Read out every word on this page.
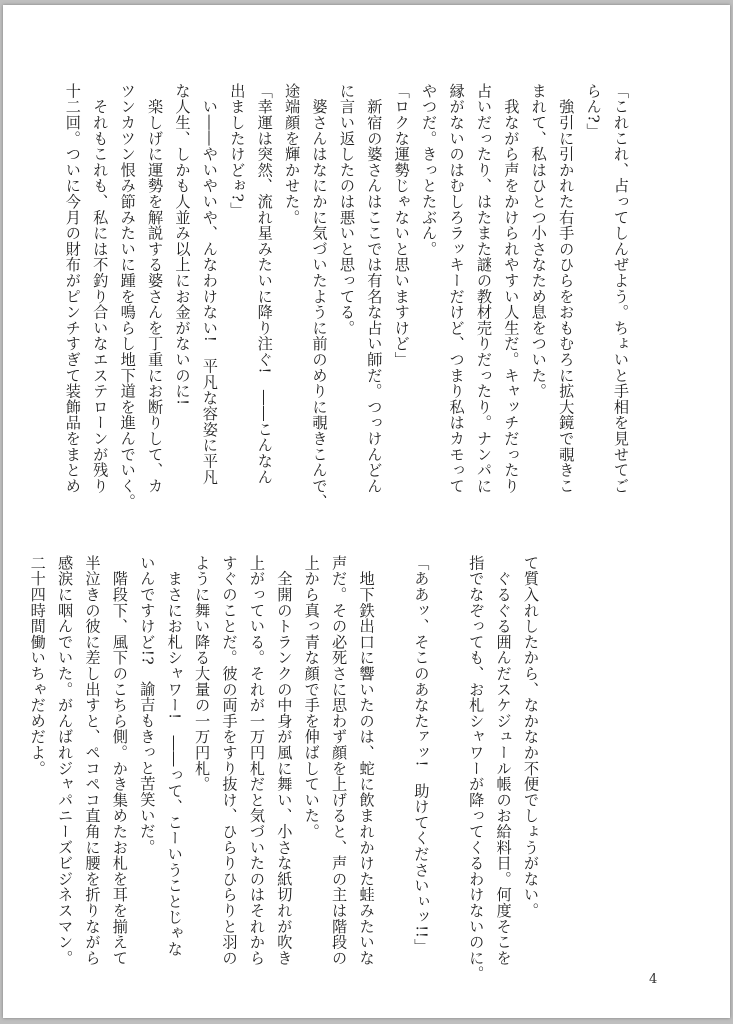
「これこれ、占ってしんぜよう。ちょいと手相を見せてご

らん?」

　強引に引かれた右手のひらをおもむろに拡大鏡で覗きこ

まれて、私はひとつ小さなため息をついた。

　我ながら声をかけられやすい人生だ。キャッチだったり

占いだったり、はたまた謎の教材売りだったり。ナンパに

縁がないのはむしろラッキーだけど、つまり私はカモって

やつだ。きっとたぶん。

「ロクな運勢じゃないと思いますけど」

　新宿の婆さんはここでは有名な占い師だ。つっけんどん

に言い返したのは悪いと思ってる。

　婆さんはなにかに気づいたように前のめりに覗きこんで、

途端顔を輝かせた。

「幸運は突然、流れ星みたいに降り注ぐ!　――こんなん

出ましたけどぉ?」

　い――やいやいや、んなわけない!　平凡な容姿に平凡

な人生、しかも人並み以上にお金がないのに!

　楽しげに運勢を解説する婆さんを丁重にお断りして、カ

ツンカツン恨み節みたいに踵を鳴らし地下道を進んでいく。

　それもこれも、私には不釣り合いなエステローンが残り

十二回。ついに今月の財布がピンチすぎて装飾品をまとめ

て質入れしたから、なかなか不便でしょうがない。

　ぐるぐる囲んだスケジュール帳のお給料日。何度そこを

指でなぞっても、お札シャワーが降ってくるわけないのに。

「ああッ、そこのあなたァッ!　助けてくださいぃッ!!」

　地下鉄出口に響いたのは、蛇に飲まれかけた蛙みたいな

声だ。その必死さに思わず顔を上げると、声の主は階段の

上から真っ青な顔で手を伸ばしていた。

　全開のトランクの中身が風に舞い、小さな紙切れが吹き

上がっている。それが一万円札だと気づいたのはそれから

すぐのことだ。彼の両手をすり抜け、ひらりひらりと羽の

ように舞い降る大量の一万円札。

　まさにお札シャワー!　――って、こーいうことじゃな

いんですけど!?　諭吉もきっと苦笑いだ。

　階段下、風下のこちら側。かき集めたお札を耳を揃えて

半泣きの彼に差し出すと、ペコペコ直角に腰を折りながら

感涙に咽んでいた。がんばれジャパニーズビジネスマン。

二十四時間働いちゃだめだよ。

4
